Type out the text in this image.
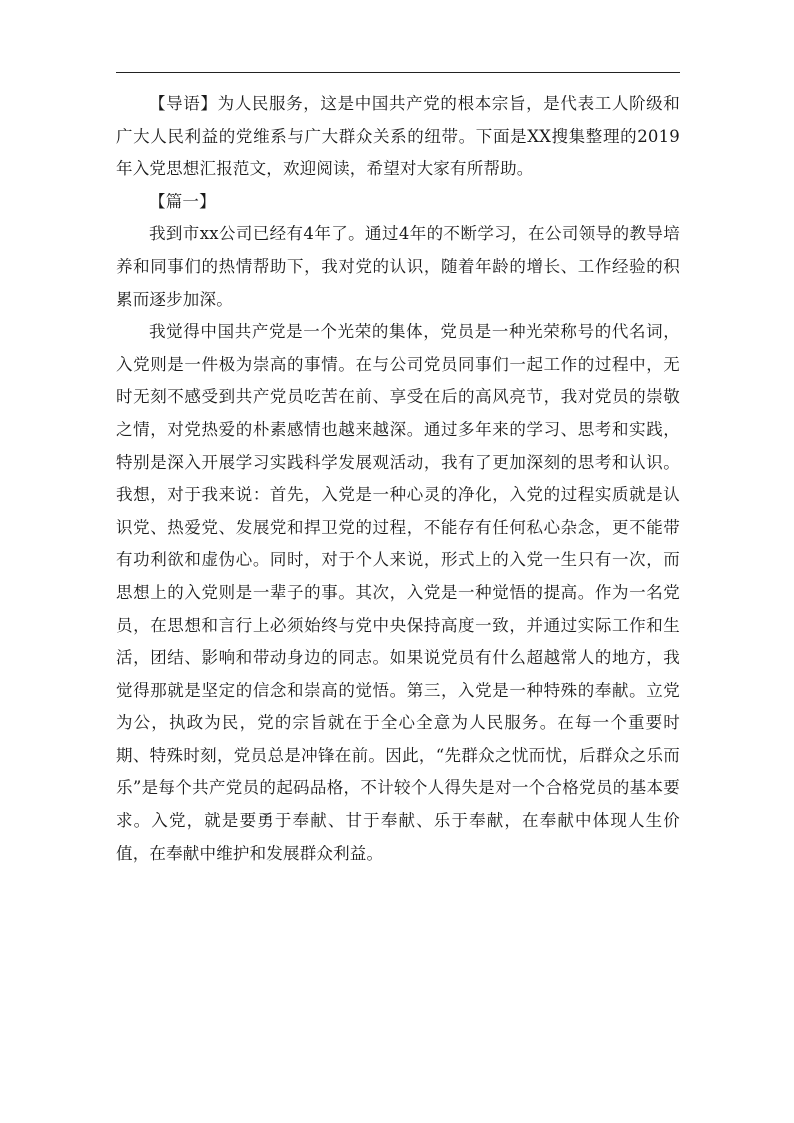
【导语】为人民服务，这是中国共产党的根本宗旨，是代表工人阶级和广大人民利益的党维系与广大群众关系的纽带。下面是XX搜集整理的2019年入党思想汇报范文，欢迎阅读，希望对大家有所帮助。

【篇一】

我到市xx公司已经有4年了。通过4年的不断学习，在公司领导的教导培养和同事们的热情帮助下，我对党的认识，随着年龄的增长、工作经验的积累而逐步加深。

我觉得中国共产党是一个光荣的集体，党员是一种光荣称号的代名词，入党则是一件极为崇高的事情。在与公司党员同事们一起工作的过程中，无时无刻不感受到共产党员吃苦在前、享受在后的高风亮节，我对党员的崇敬之情，对党热爱的朴素感情也越来越深。通过多年来的学习、思考和实践，特别是深入开展学习实践科学发展观活动，我有了更加深刻的思考和认识。我想，对于我来说：首先，入党是一种心灵的净化，入党的过程实质就是认识党、热爱党、发展党和捍卫党的过程，不能存有任何私心杂念，更不能带有功利欲和虚伪心。同时，对于个人来说，形式上的入党一生只有一次，而思想上的入党则是一辈子的事。其次，入党是一种觉悟的提高。作为一名党员，在思想和言行上必须始终与党中央保持高度一致，并通过实际工作和生活，团结、影响和带动身边的同志。如果说党员有什么超越常人的地方，我觉得那就是坚定的信念和崇高的觉悟。第三，入党是一种特殊的奉献。立党为公，执政为民，党的宗旨就在于全心全意为人民服务。在每一个重要时期、特殊时刻，党员总是冲锋在前。因此，“先群众之忧而忧，后群众之乐而乐”是每个共产党员的起码品格，不计较个人得失是对一个合格党员的基本要求。入党，就是要勇于奉献、甘于奉献、乐于奉献，在奉献中体现人生价值，在奉献中维护和发展群众利益。
